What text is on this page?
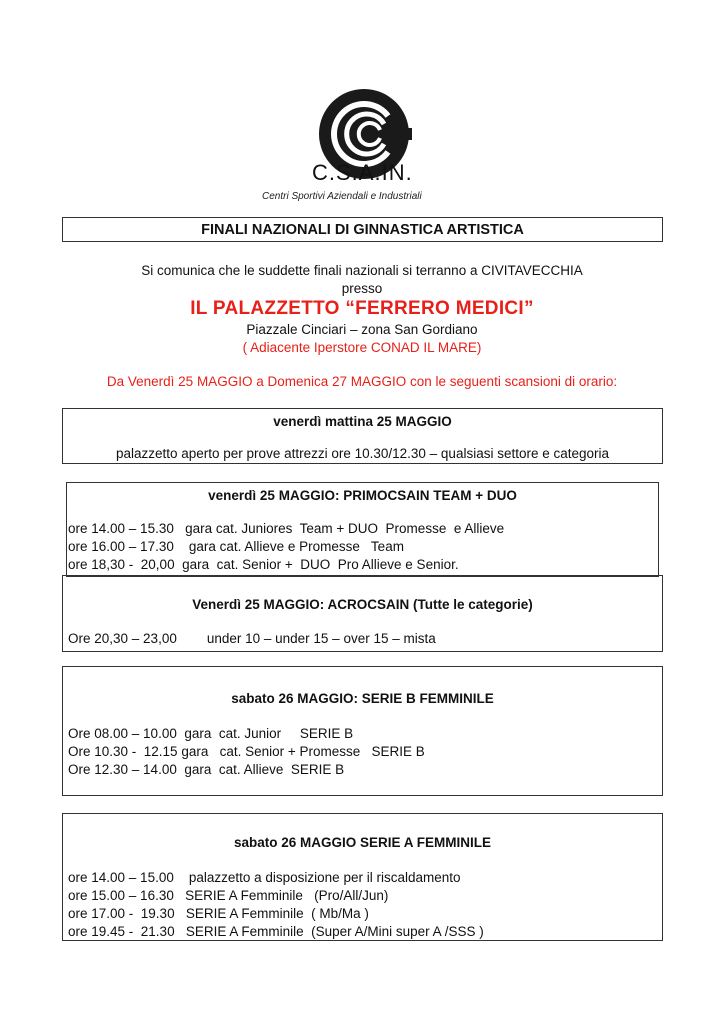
C.S.A.IN.
Centri Sportivi Aziendali e Industriali
FINALI NAZIONALI DI GINNASTICA ARTISTICA
Si comunica che le suddette finali nazionali si terranno a CIVITAVECCHIA
presso
IL PALAZZETTO “FERRERO MEDICI”
Piazzale Cinciari – zona San Gordiano
( Adiacente Iperstore CONAD IL MARE)
Da Venerdì 25 MAGGIO a Domenica 27 MAGGIO con le seguenti scansioni di orario:
venerdì mattina 25 MAGGIO
palazzetto aperto per prove attrezzi ore 10.30/12.30 – qualsiasi settore e categoria
venerdì 25 MAGGIO: PRIMOCSAIN TEAM + DUO
ore 14.00 – 15.30   gara cat. Juniores  Team + DUO  Promesse  e Allieve
ore 16.00 – 17.30    gara cat. Allieve e Promesse   Team
ore 18,30 -  20,00  gara  cat. Senior +  DUO  Pro Allieve e Senior.
Venerdì 25 MAGGIO: ACROCSAIN (Tutte le categorie)
Ore 20,30 – 23,00        under 10 – under 15 – over 15 – mista
sabato 26 MAGGIO: SERIE B FEMMINILE
Ore 08.00 – 10.00  gara  cat. Junior     SERIE B
Ore 10.30 -  12.15 gara   cat. Senior + Promesse   SERIE B
Ore 12.30 – 14.00  gara  cat. Allieve  SERIE B
sabato 26 MAGGIO SERIE A FEMMINILE
ore 14.00 – 15.00    palazzetto a disposizione per il riscaldamento
ore 15.00 – 16.30   SERIE A Femminile   (Pro/All/Jun)
ore 17.00 -  19.30   SERIE A Femminile  ( Mb/Ma )
ore 19.45 -  21.30   SERIE A Femminile  (Super A/Mini super A /SSS )
